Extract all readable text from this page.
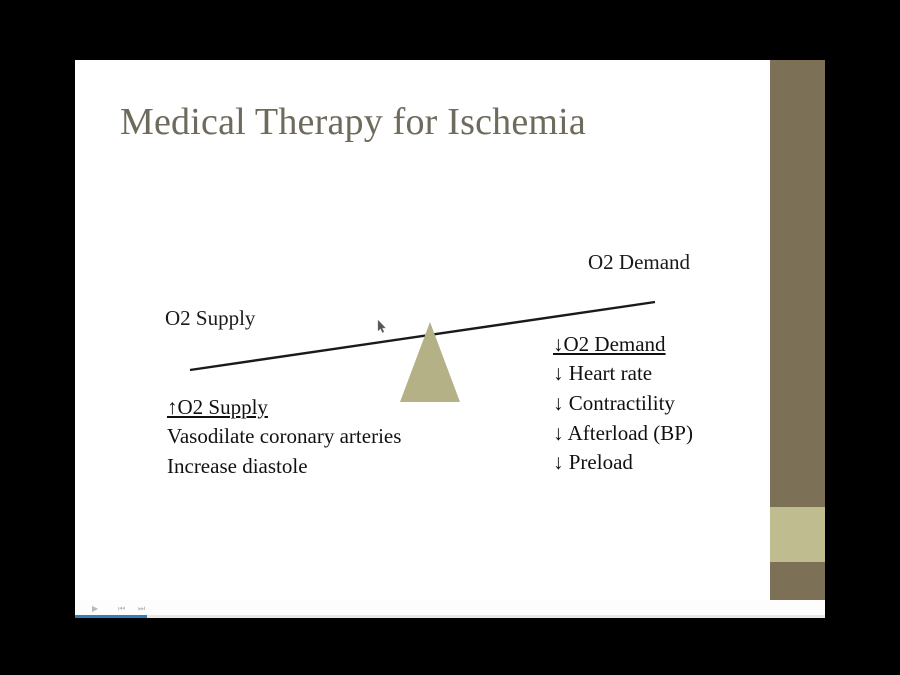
Medical Therapy for Ischemia
O2 Supply
O2 Demand
↑O2 Supply
Vasodilate coronary arteries
Increase diastole
↓O2 Demand
↓ Heart rate
↓ Contractility
↓ Afterload (BP)
↓ Preload
▶ ⏮ ⏭
